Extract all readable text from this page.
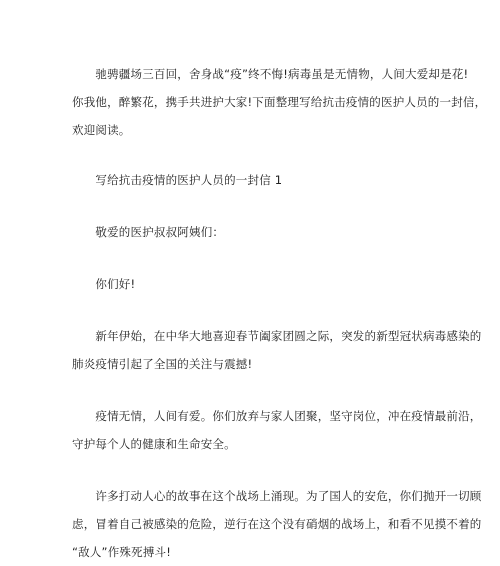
　　驰骋疆场三百回，舍身战“疫”终不悔!病毒虽是无情物，人间大爱却是花!
你我他，醉繁花，携手共进护大家!下面整理写给抗击疫情的医护人员的一封信，
欢迎阅读。
　　写给抗击疫情的医护人员的一封信 1
　　敬爱的医护叔叔阿姨们：
　　你们好!
　　新年伊始，在中华大地喜迎春节阖家团圆之际，突发的新型冠状病毒感染的
肺炎疫情引起了全国的关注与震撼!
　　疫情无情，人间有爱。你们放弃与家人团聚，坚守岗位，冲在疫情最前沿，
守护每个人的健康和生命安全。
　　许多打动人心的故事在这个战场上涌现。为了国人的安危，你们抛开一切顾
虑，冒着自己被感染的危险，逆行在这个没有硝烟的战场上，和看不见摸不着的
“敌人”作殊死搏斗!
